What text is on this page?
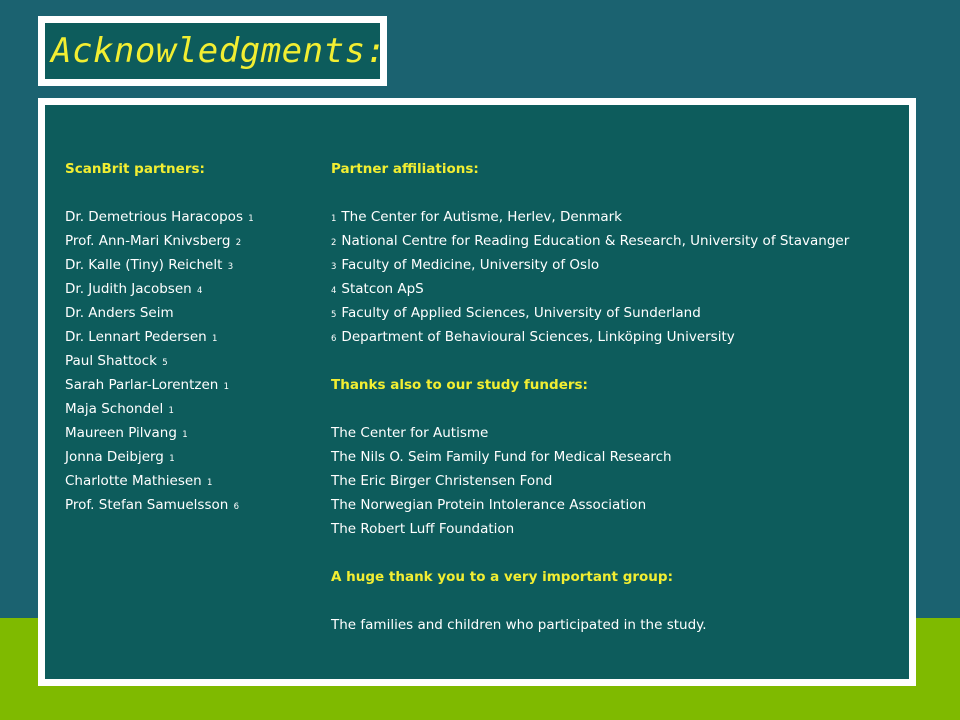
Acknowledgments:
ScanBrit partners:
Dr. Demetrious Haracopos 1
Prof. Ann-Mari Knivsberg 2
Dr. Kalle (Tiny) Reichelt 3
Dr. Judith Jacobsen 4
Dr. Anders Seim
Dr. Lennart Pedersen 1
Paul Shattock 5
Sarah Parlar-Lorentzen 1
Maja Schondel 1
Maureen Pilvang 1
Jonna Deibjerg 1
Charlotte Mathiesen 1
Prof. Stefan Samuelsson 6
Partner affiliations:
1 The Center for Autisme, Herlev, Denmark
2 National Centre for Reading Education & Research, University of Stavanger
3 Faculty of Medicine, University of Oslo
4 Statcon ApS
5 Faculty of Applied Sciences, University of Sunderland
6 Department of Behavioural Sciences, Linköping University
Thanks also to our study funders:
The Center for Autisme
The Nils O. Seim Family Fund for Medical Research
The Eric Birger Christensen Fond
The Norwegian Protein Intolerance Association
The Robert Luff Foundation
A huge thank you to a very important group:
The families and children who participated in the study.
